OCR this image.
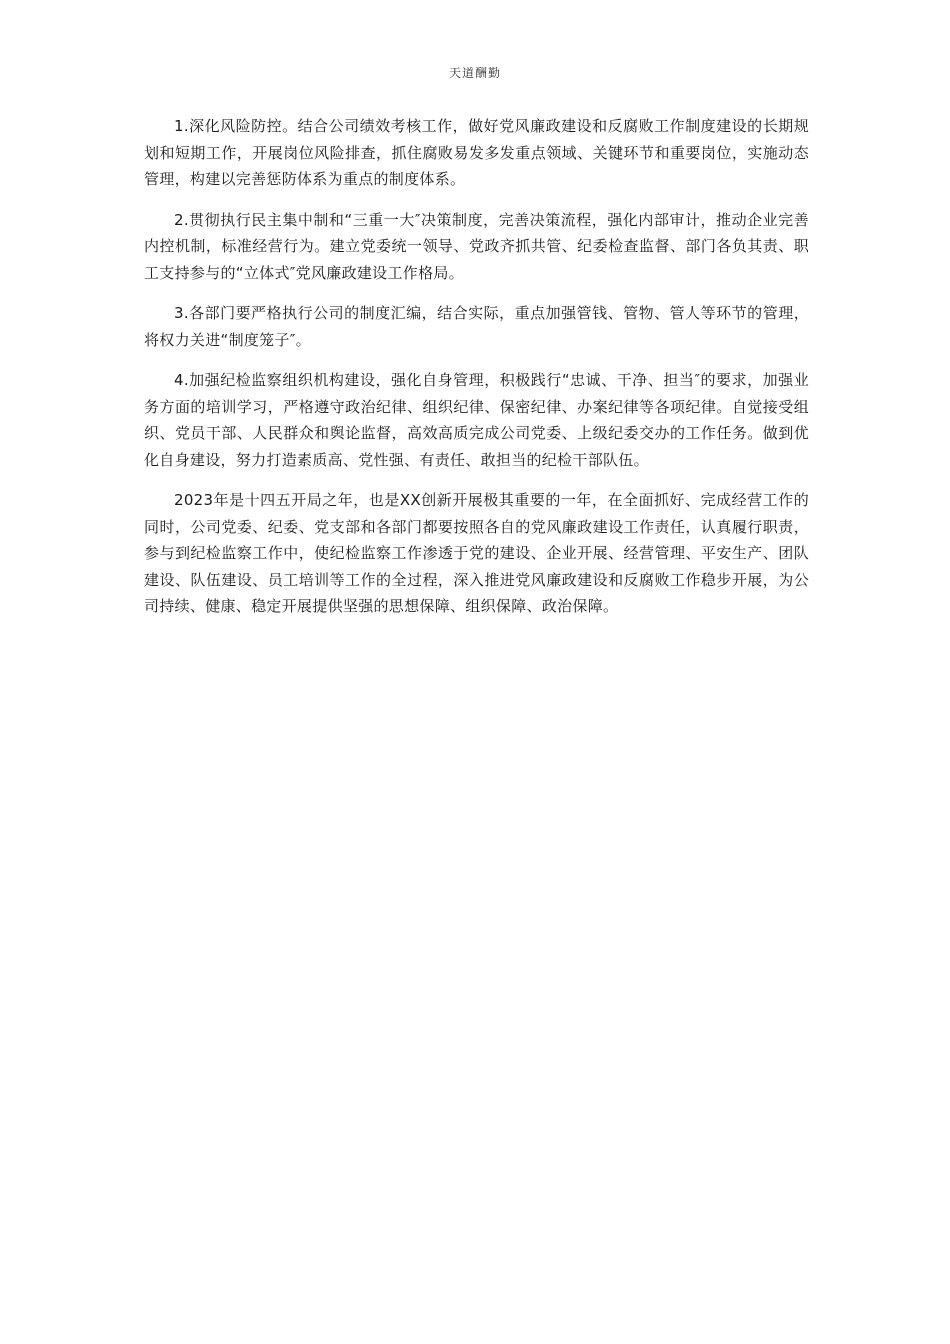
天道酬勤

1.深化风险防控。结合公司绩效考核工作，做好党风廉政建设和反腐败工作制度建设的长期规划和短期工作，开展岗位风险排查，抓住腐败易发多发重点领域、关键环节和重要岗位，实施动态管理，构建以完善惩防体系为重点的制度体系。

2.贯彻执行民主集中制和“三重一大″决策制度，完善决策流程，强化内部审计，推动企业完善内控机制，标准经营行为。建立党委统一领导、党政齐抓共管、纪委检查监督、部门各负其责、职工支持参与的“立体式″党风廉政建设工作格局。

3.各部门要严格执行公司的制度汇编，结合实际，重点加强管钱、管物、管人等环节的管理，将权力关进“制度笼子″。

4.加强纪检监察组织机构建设，强化自身管理，积极践行“忠诚、干净、担当″的要求，加强业务方面的培训学习，严格遵守政治纪律、组织纪律、保密纪律、办案纪律等各项纪律。自觉接受组织、党员干部、人民群众和舆论监督，高效高质完成公司党委、上级纪委交办的工作任务。做到优化自身建设，努力打造素质高、党性强、有责任、敢担当的纪检干部队伍。

2023年是十四五开局之年，也是XX创新开展极其重要的一年，在全面抓好、完成经营工作的同时，公司党委、纪委、党支部和各部门都要按照各自的党风廉政建设工作责任，认真履行职责，参与到纪检监察工作中，使纪检监察工作渗透于党的建设、企业开展、经营管理、平安生产、团队建设、队伍建设、员工培训等工作的全过程，深入推进党风廉政建设和反腐败工作稳步开展，为公司持续、健康、稳定开展提供坚强的思想保障、组织保障、政治保障。
